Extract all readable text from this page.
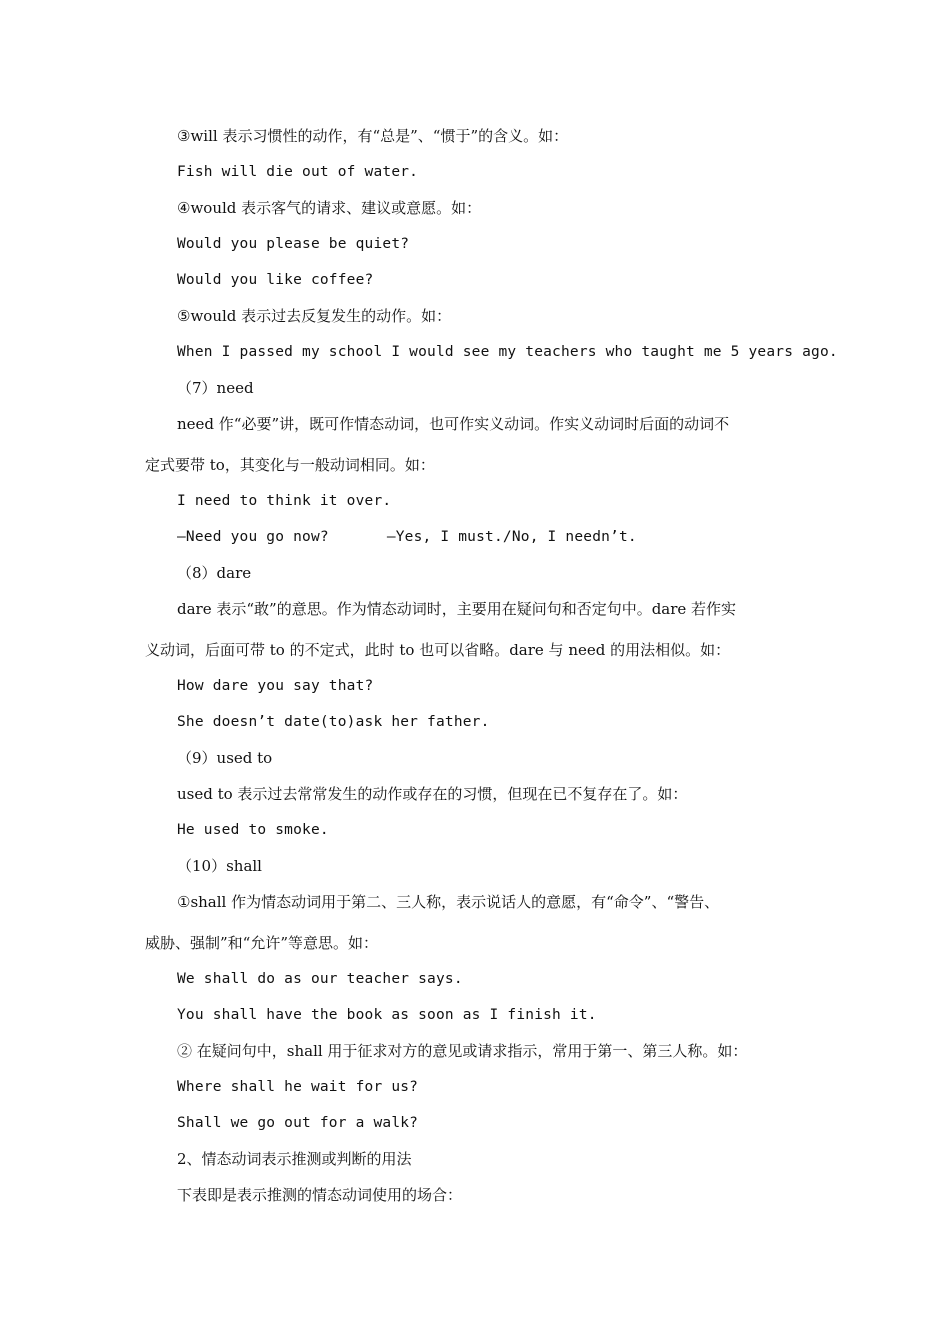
③will 表示习惯性的动作，有“总是”、“惯于”的含义。如：
Fish will die out of water.
④would 表示客气的请求、建议或意愿。如：
Would you please be quiet?
Would you like coffee?
⑤would 表示过去反复发生的动作。如：
When I passed my school I would see my teachers who taught me 5 years ago.
（7）need
need 作“必要”讲，既可作情态动词，也可作实义动词。作实义动词时后面的动词不
定式要带 to，其变化与一般动词相同。如：
I need to think it over.
—Need you go now?	—Yes, I must./No, I needn’t.
（8）dare
dare 表示“敢”的意思。作为情态动词时，主要用在疑问句和否定句中。dare 若作实
义动词，后面可带 to 的不定式，此时 to 也可以省略。dare 与 need 的用法相似。如：
How dare you say that?
She doesn’t date(to)ask her father.
（9）used to
used to 表示过去常常发生的动作或存在的习惯，但现在已不复存在了。如：
He used to smoke.
（10）shall
①shall 作为情态动词用于第二、三人称，表示说话人的意愿，有“命令”、“警告、
威胁、强制”和“允许”等意思。如：
We shall do as our teacher says.
You shall have the book as soon as I finish it.
② 在疑问句中，shall 用于征求对方的意见或请求指示，常用于第一、第三人称。如：
Where shall he wait for us?
Shall we go out for a walk?
2、情态动词表示推测或判断的用法
下表即是表示推测的情态动词使用的场合：
